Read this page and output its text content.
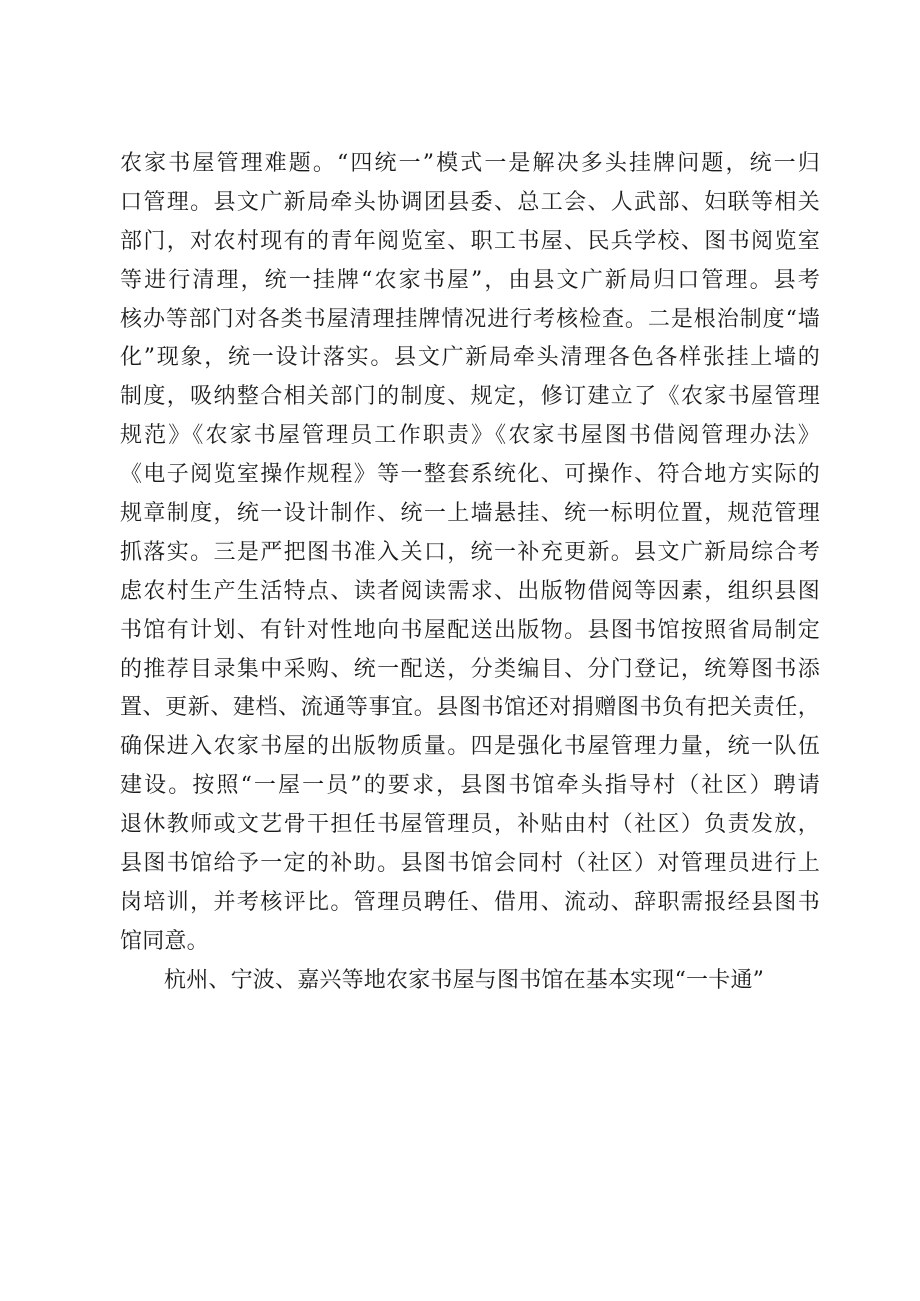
农家书屋管理难题。“四统一”模式一是解决多头挂牌问题，统一归
口管理。县文广新局牵头协调团县委、总工会、人武部、妇联等相关
部门，对农村现有的青年阅览室、职工书屋、民兵学校、图书阅览室
等进行清理，统一挂牌“农家书屋”，由县文广新局归口管理。县考
核办等部门对各类书屋清理挂牌情况进行考核检查。二是根治制度“墙
化”现象，统一设计落实。县文广新局牵头清理各色各样张挂上墙的
制度，吸纳整合相关部门的制度、规定，修订建立了《农家书屋管理
规范》《农家书屋管理员工作职责》《农家书屋图书借阅管理办法》
《电子阅览室操作规程》等一整套系统化、可操作、符合地方实际的
规章制度，统一设计制作、统一上墙悬挂、统一标明位置，规范管理
抓落实。三是严把图书准入关口，统一补充更新。县文广新局综合考
虑农村生产生活特点、读者阅读需求、出版物借阅等因素，组织县图
书馆有计划、有针对性地向书屋配送出版物。县图书馆按照省局制定
的推荐目录集中采购、统一配送，分类编目、分门登记，统筹图书添
置、更新、建档、流通等事宜。县图书馆还对捐赠图书负有把关责任，
确保进入农家书屋的出版物质量。四是强化书屋管理力量，统一队伍
建设。按照“一屋一员”的要求，县图书馆牵头指导村（社区）聘请
退休教师或文艺骨干担任书屋管理员，补贴由村（社区）负责发放，
县图书馆给予一定的补助。县图书馆会同村（社区）对管理员进行上
岗培训，并考核评比。管理员聘任、借用、流动、辞职需报经县图书
馆同意。
杭州、宁波、嘉兴等地农家书屋与图书馆在基本实现“一卡通”
